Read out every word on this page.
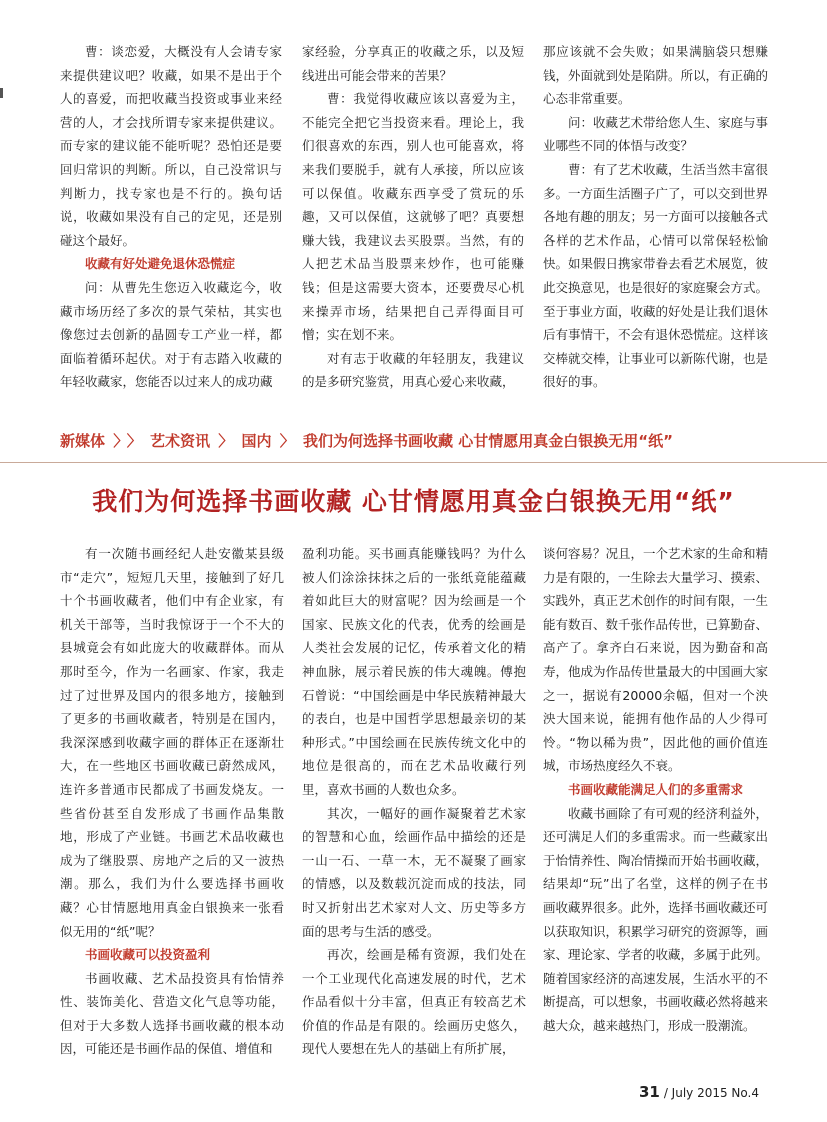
曹：谈恋爱，大概没有人会请专家来提供建议吧？收藏，如果不是出于个人的喜爱，而把收藏当投资或事业来经营的人，才会找所谓专家来提供建议。而专家的建议能不能听呢？恐怕还是要回归常识的判断。所以，自己没常识与判断力，找专家也是不行的。换句话说，收藏如果没有自己的定见，还是别碰这个最好。

收藏有好处避免退休恐慌症

问：从曹先生您迈入收藏迄今，收藏市场历经了多次的景气荣枯，其实也像您过去创新的晶圆专工产业一样，都面临着循环起伏。对于有志踏入收藏的年轻收藏家，您能否以过来人的成功藏

家经验，分享真正的收藏之乐，以及短线进出可能会带来的苦果？

曹：我觉得收藏应该以喜爱为主，不能完全把它当投资来看。理论上，我们很喜欢的东西，别人也可能喜欢，将来我们要脱手，就有人承接，所以应该可以保值。收藏东西享受了赏玩的乐趣，又可以保值，这就够了吧？真要想赚大钱，我建议去买股票。当然，有的人把艺术品当股票来炒作，也可能赚钱；但是这需要大资本，还要费尽心机来操弄市场，结果把自己弄得面目可憎；实在划不来。

对有志于收藏的年轻朋友，我建议的是多研究鉴赏，用真心爱心来收藏，

那应该就不会失败；如果满脑袋只想赚钱，外面就到处是陷阱。所以，有正确的心态非常重要。

问：收藏艺术带给您人生、家庭与事业哪些不同的体悟与改变？

曹：有了艺术收藏，生活当然丰富很多。一方面生活圈子广了，可以交到世界各地有趣的朋友；另一方面可以接触各式各样的艺术作品，心情可以常保轻松愉快。如果假日携家带眷去看艺术展览，彼此交换意见，也是很好的家庭聚会方式。至于事业方面，收藏的好处是让我们退休后有事情干，不会有退休恐慌症。这样该交棒就交棒，让事业可以新陈代谢，也是很好的事。

新媒体 〉 〉 艺术资讯 〉 国内 〉 我们为何选择书画收藏 心甘情愿用真金白银换无用“纸”
我们为何选择书画收藏 心甘情愿用真金白银换无用“纸”

有一次随书画经纪人赴安徽某县级市“走穴”，短短几天里，接触到了好几十个书画收藏者，他们中有企业家，有机关干部等，当时我惊讶于一个不大的县城竟会有如此庞大的收藏群体。而从那时至今，作为一名画家、作家，我走过了过世界及国内的很多地方，接触到了更多的书画收藏者，特别是在国内，我深深感到收藏字画的群体正在逐渐壮大，在一些地区书画收藏已蔚然成风，连许多普通市民都成了书画发烧友。一些省份甚至自发形成了书画作品集散地，形成了产业链。书画艺术品收藏也成为了继股票、房地产之后的又一波热潮。那么，我们为什么要选择书画收藏？心甘情愿地用真金白银换来一张看似无用的“纸”呢？

书画收藏可以投资盈利

书画收藏、艺术品投资具有怡情养性、装饰美化、营造文化气息等功能，但对于大多数人选择书画收藏的根本动因，可能还是书画作品的保值、增值和

盈利功能。买书画真能赚钱吗？为什么被人们涂涂抹抹之后的一张纸竟能蕴藏着如此巨大的财富呢？因为绘画是一个国家、民族文化的代表，优秀的绘画是人类社会发展的记忆，传承着文化的精神血脉，展示着民族的伟大魂魄。傅抱石曾说：“中国绘画是中华民族精神最大的表白，也是中国哲学思想最亲切的某种形式。”中国绘画在民族传统文化中的地位是很高的，而在艺术品收藏行列里，喜欢书画的人数也众多。

其次，一幅好的画作凝聚着艺术家的智慧和心血，绘画作品中描绘的还是一山一石、一草一木，无不凝聚了画家的情感，以及数载沉淀而成的技法，同时又折射出艺术家对人文、历史等多方面的思考与生活的感受。

再次，绘画是稀有资源，我们处在一个工业现代化高速发展的时代，艺术作品看似十分丰富，但真正有较高艺术价值的作品是有限的。绘画历史悠久，现代人要想在先人的基础上有所扩展，

谈何容易？况且，一个艺术家的生命和精力是有限的，一生除去大量学习、摸索、实践外，真正艺术创作的时间有限，一生能有数百、数千张作品传世，已算勤奋、高产了。拿齐白石来说，因为勤奋和高寿，他成为作品传世量最大的中国画大家之一，据说有20000余幅，但对一个泱泱大国来说，能拥有他作品的人少得可怜。“物以稀为贵”，因此他的画价值连城，市场热度经久不衰。

书画收藏能满足人们的多重需求

收藏书画除了有可观的经济利益外，还可满足人们的多重需求。而一些藏家出于怡情养性、陶冶情操而开始书画收藏，结果却“玩”出了名堂，这样的例子在书画收藏界很多。此外，选择书画收藏还可以获取知识，积累学习研究的资源等，画家、理论家、学者的收藏，多属于此列。随着国家经济的高速发展，生活水平的不断提高，可以想象，书画收藏必然将越来越大众，越来越热门，形成一股潮流。

31 / July 2015 No.4
